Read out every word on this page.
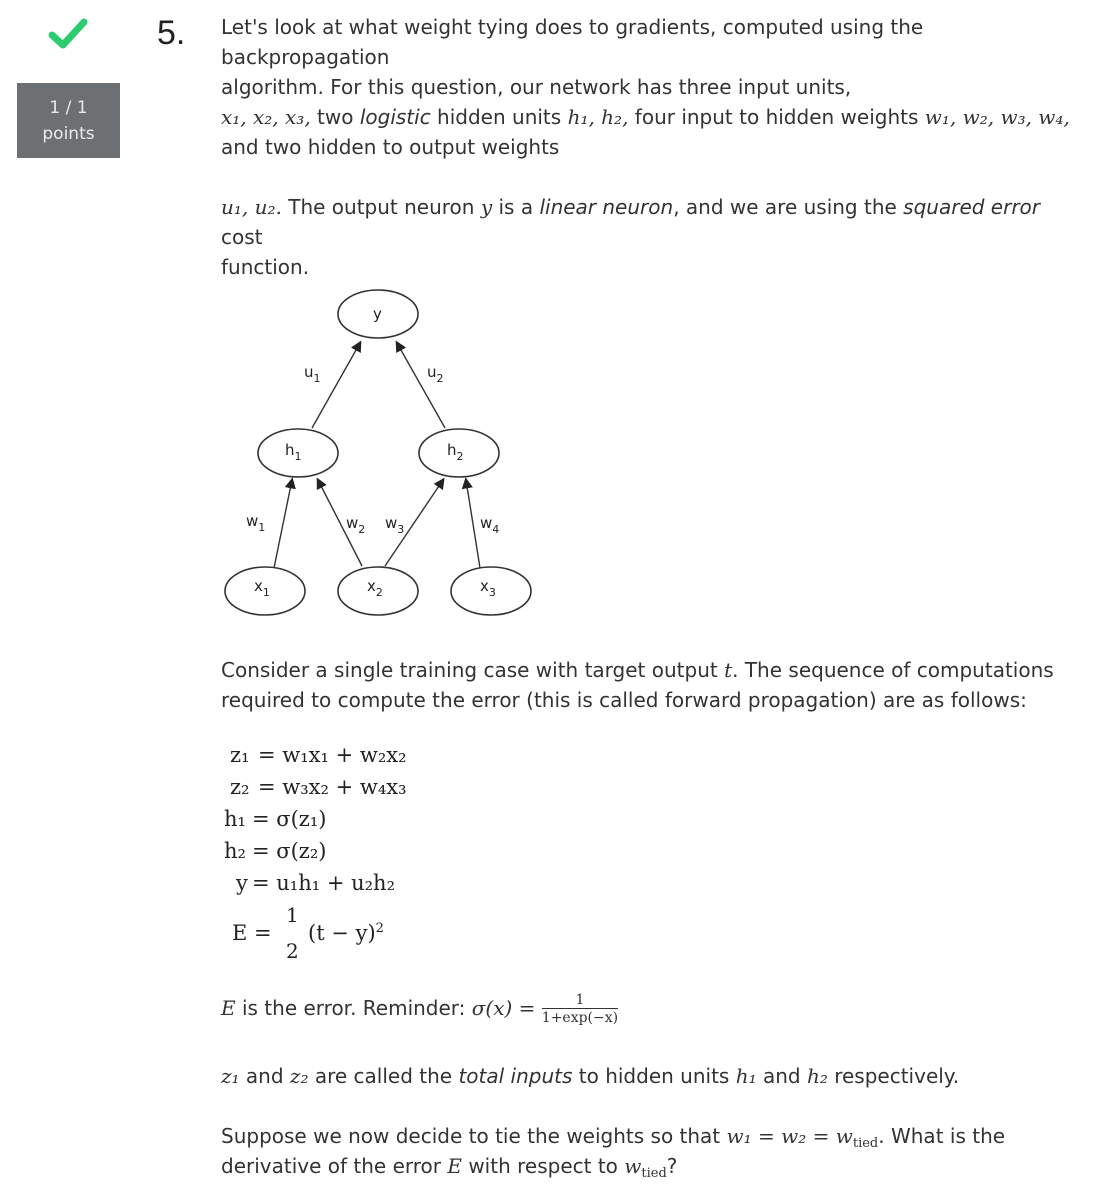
1 / 1
points
5. Let's look at what weight tying does to gradients, computed using the backpropagation
algorithm. For this question, our network has three input units,
x₁, x₂, x₃, two logistic hidden units h₁, h₂, four input to hidden weights w₁, w₂, w₃, w₄,
and two hidden to output weights
u₁, u₂. The output neuron y is a linear neuron, and we are using the squared error cost
function.
y
$h_1$	$h_2$
$x_1$	$x_2$	$x_3$
$u_1$	$u_2$
$w_1$	$w_2$ $w_3$	$w_4$
Consider a single training case with target output t. The sequence of computations
required to compute the error (this is called forward propagation) are as follows:
z₁ = w₁x₁ + w₂x₂
z₂ = w₃x₂ + w₄x₃
h₁ = σ(z₁)
h₂ = σ(z₂)
y = u₁h₁ + u₂h₂
E =
1
2
$(t - y)^2$
E is the error. Reminder: $\sigma(x) = \frac{1}{1+\exp(-x)}$
z₁ and z₂ are called the total inputs to hidden units h₁ and h₂ respectively.
Suppose we now decide to tie the weights so that $w_1 = w_2 = w_{tied}$. What is the
derivative of the error E with respect to $w_{tied}$?
